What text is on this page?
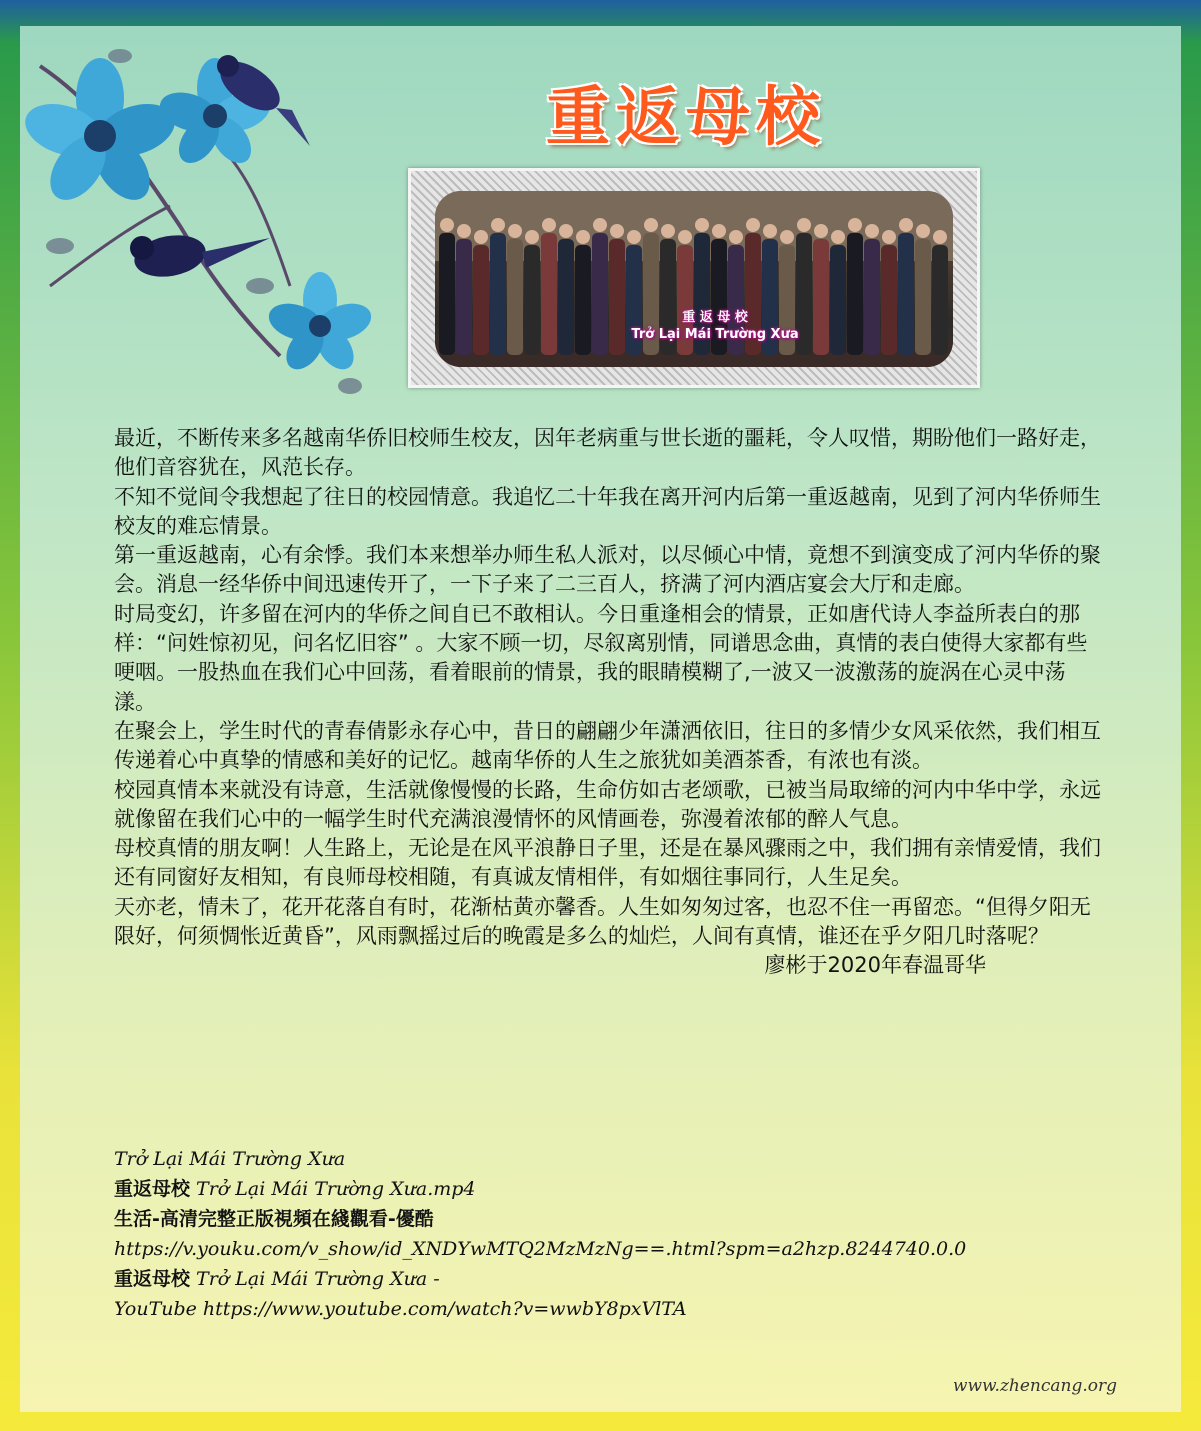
重返母校
重 返 母 校
Trở Lại Mái Trường Xưa

最近，不断传来多名越南华侨旧校师生校友，因年老病重与世长逝的噩耗，令人叹惜，期盼他们一路好走，他们音容犹在，风范长存。

不知不觉间令我想起了往日的校园情意。我追忆二十年我在离开河内后第一重返越南，见到了河内华侨师生校友的难忘情景。

第一重返越南，心有余悸。我们本来想举办师生私人派对，以尽倾心中情，竟想不到演变成了河内华侨的聚会。消息一经华侨中间迅速传开了，一下子来了二三百人，挤满了河内酒店宴会大厅和走廊。

时局变幻，许多留在河内的华侨之间自已不敢相认。今日重逢相会的情景，正如唐代诗人李益所表白的那样：“问姓惊初见，问名忆旧容” 。大家不顾一切，尽叙离别情，同谱思念曲，真情的表白使得大家都有些哽咽。一股热血在我们心中回荡，看着眼前的情景，我的眼睛模糊了,一波又一波激荡的旋涡在心灵中荡漾。

在聚会上，学生时代的青春倩影永存心中，昔日的翩翩少年潇洒依旧，往日的多情少女风采依然，我们相互传递着心中真挚的情感和美好的记忆。越南华侨的人生之旅犹如美酒茶香，有浓也有淡。

校园真情本来就没有诗意，生活就像慢慢的长路，生命仿如古老颂歌，已被当局取缔的河内中华中学，永远就像留在我们心中的一幅学生时代充满浪漫情怀的风情画卷，弥漫着浓郁的醉人气息。

母校真情的朋友啊！人生路上，无论是在风平浪静日子里，还是在暴风骤雨之中，我们拥有亲情爱情，我们还有同窗好友相知，有良师母校相随，有真诚友情相伴，有如烟往事同行，人生足矣。

天亦老，情未了，花开花落自有时，花渐枯黄亦馨香。人生如匆匆过客，也忍不住一再留恋。“但得夕阳无限好，何须惆怅近黄昏”，风雨飘摇过后的晚霞是多么的灿烂，人间有真情，谁还在乎夕阳几时落呢？

廖彬于2020年春温哥华

Trở Lại Mái Trường Xưa
重返母校 Trở Lại Mái Trường Xưa.mp4
生活-高清完整正版視頻在綫觀看-優酷
https://v.youku.com/v_show/id_XNDYwMTQ2MzMzNg==.html?spm=a2hzp.8244740.0.0
重返母校 Trở Lại Mái Trường Xưa -
YouTube https://www.youtube.com/watch?v=wwbY8pxVlTA
www.zhencang.org
